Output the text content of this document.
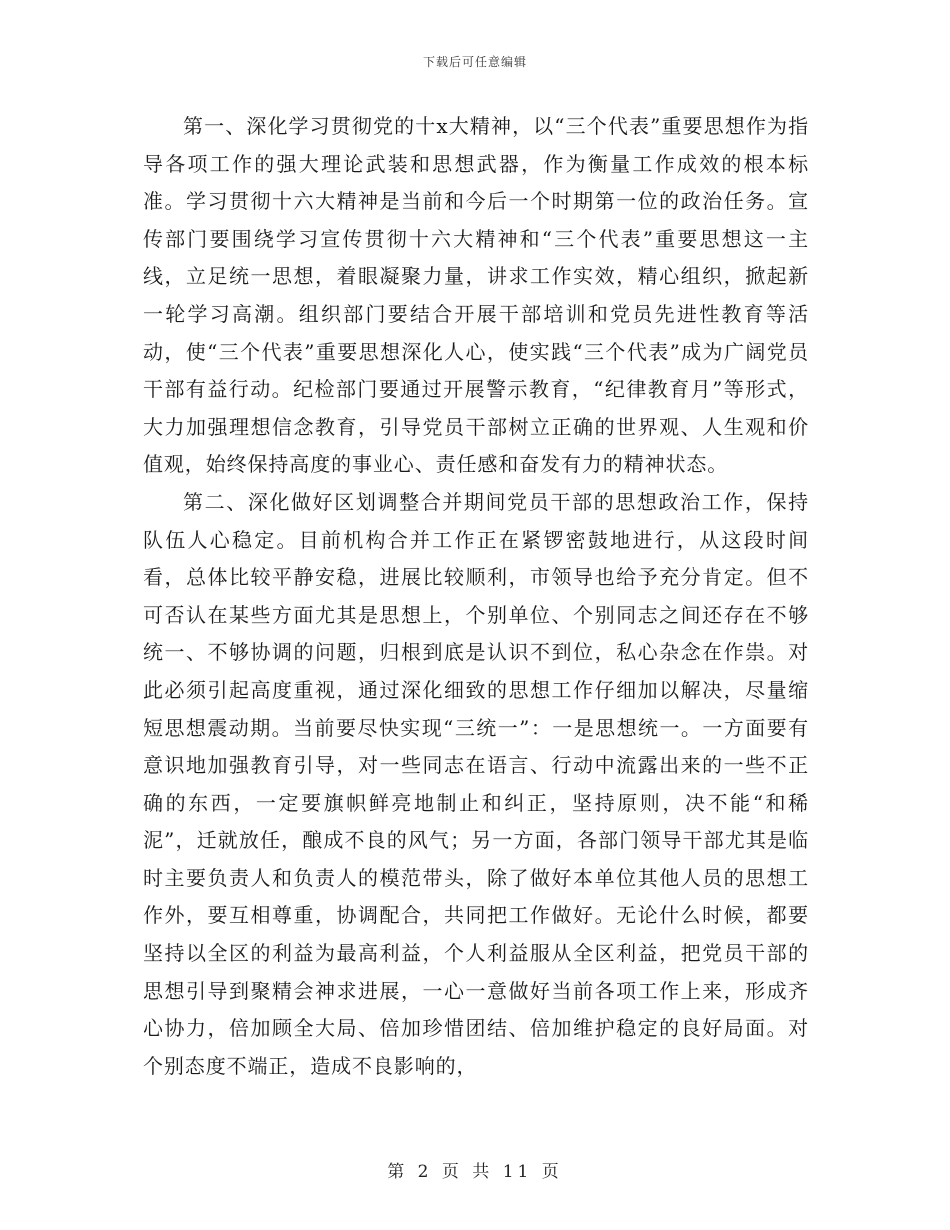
下载后可任意编辑

第一、深化学习贯彻党的十x大精神，以“三个代表”重要思想作为指导各项工作的强大理论武装和思想武器，作为衡量工作成效的根本标准。学习贯彻十六大精神是当前和今后一个时期第一位的政治任务。宣传部门要围绕学习宣传贯彻十六大精神和“三个代表”重要思想这一主线，立足统一思想，着眼凝聚力量，讲求工作实效，精心组织，掀起新一轮学习高潮。组织部门要结合开展干部培训和党员先进性教育等活动，使“三个代表”重要思想深化人心，使实践“三个代表”成为广阔党员干部有益行动。纪检部门要通过开展警示教育，“纪律教育月”等形式，大力加强理想信念教育，引导党员干部树立正确的世界观、人生观和价值观，始终保持高度的事业心、责任感和奋发有力的精神状态。

第二、深化做好区划调整合并期间党员干部的思想政治工作，保持队伍人心稳定。目前机构合并工作正在紧锣密鼓地进行，从这段时间看，总体比较平静安稳，进展比较顺利，市领导也给予充分肯定。但不可否认在某些方面尤其是思想上，个别单位、个别同志之间还存在不够统一、不够协调的问题，归根到底是认识不到位，私心杂念在作祟。对此必须引起高度重视，通过深化细致的思想工作仔细加以解决，尽量缩短思想震动期。当前要尽快实现“三统一”：一是思想统一。一方面要有意识地加强教育引导，对一些同志在语言、行动中流露出来的一些不正确的东西，一定要旗帜鲜亮地制止和纠正，坚持原则，决不能“和稀泥”，迁就放任，酿成不良的风气；另一方面，各部门领导干部尤其是临时主要负责人和负责人的模范带头，除了做好本单位其他人员的思想工作外，要互相尊重，协调配合，共同把工作做好。无论什么时候，都要坚持以全区的利益为最高利益，个人利益服从全区利益，把党员干部的思想引导到聚精会神求进展，一心一意做好当前各项工作上来，形成齐心协力，倍加顾全大局、倍加珍惜团结、倍加维护稳定的良好局面。对个别态度不端正，造成不良影响的，

第 2 页 共 11 页
